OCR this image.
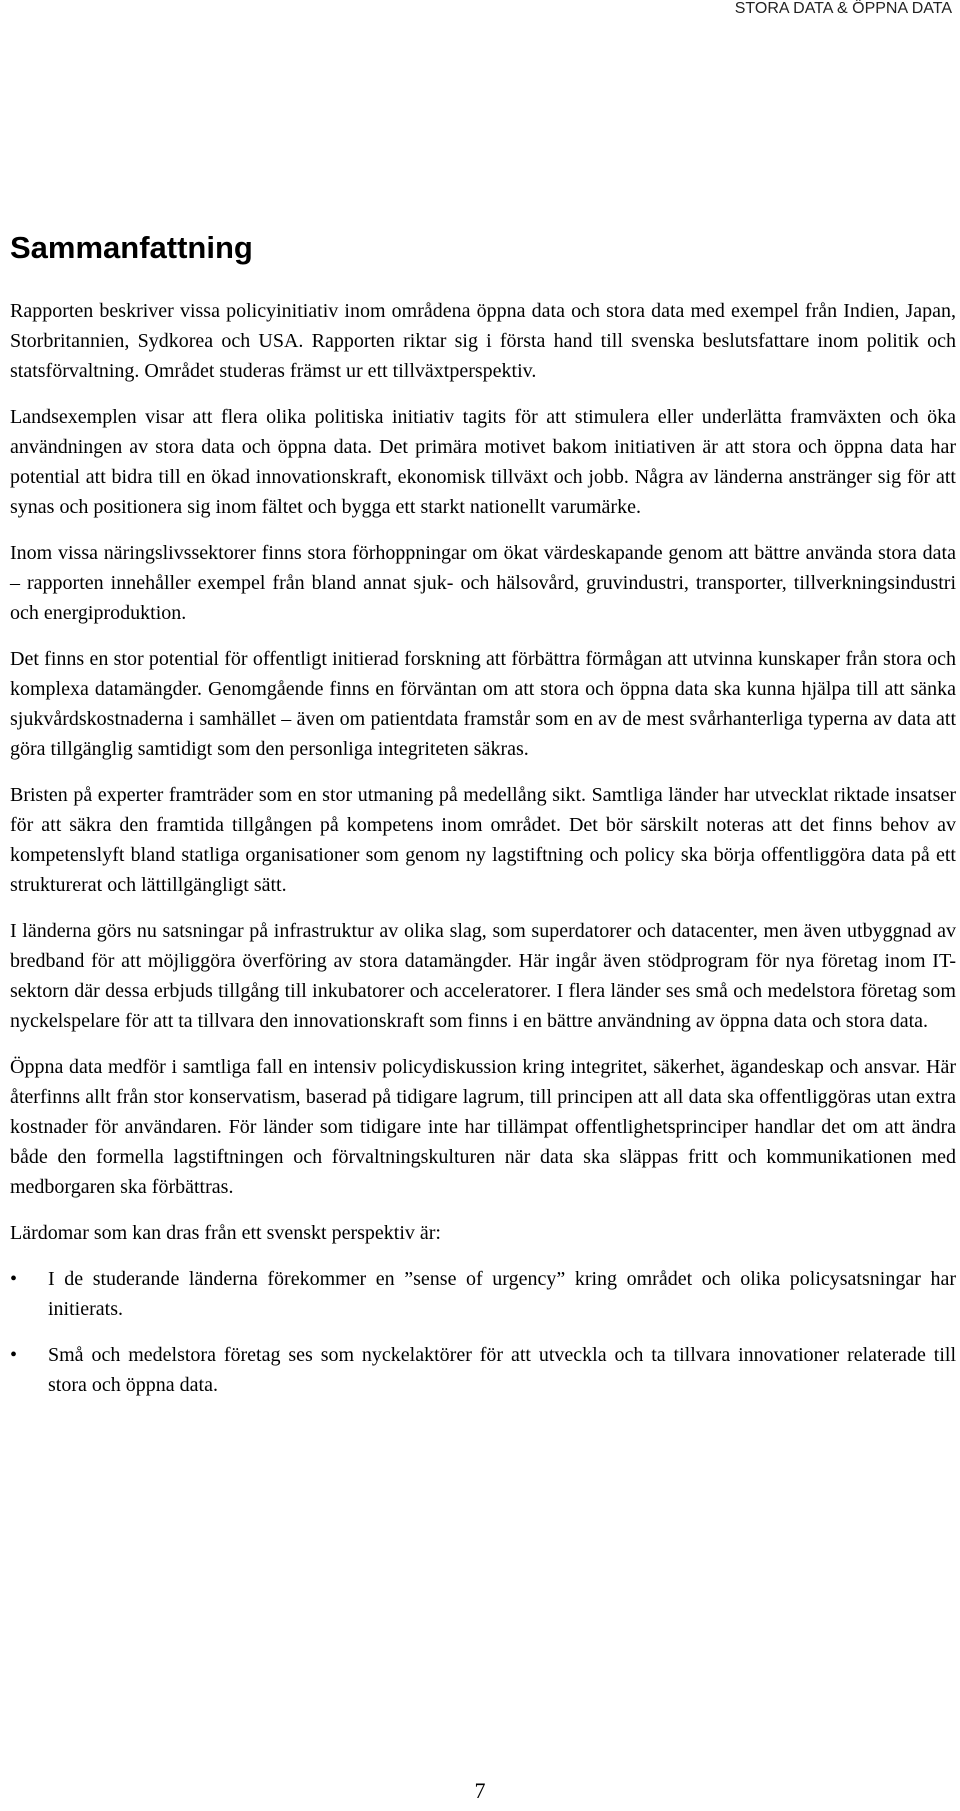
STORA DATA & ÖPPNA DATA
Sammanfattning

Rapporten beskriver vissa policyinitiativ inom områdena öppna data och stora data med exempel från Indien, Japan, Storbritannien, Sydkorea och USA. Rapporten riktar sig i första hand till svenska beslutsfattare inom politik och statsförvaltning. Området studeras främst ur ett tillväxtperspektiv.

Landsexemplen visar att flera olika politiska initiativ tagits för att stimulera eller underlätta framväxten och öka användningen av stora data och öppna data. Det primära motivet bakom initiativen är att stora och öppna data har potential att bidra till en ökad innovationskraft, ekonomisk tillväxt och jobb. Några av länderna anstränger sig för att synas och positionera sig inom fältet och bygga ett starkt nationellt varumärke.

Inom vissa näringslivssektorer finns stora förhoppningar om ökat värdeskapande genom att bättre använda stora data – rapporten innehåller exempel från bland annat sjuk- och hälsovård, gruvindustri, transporter, tillverkningsindustri och energiproduktion.

Det finns en stor potential för offentligt initierad forskning att förbättra förmågan att utvinna kunskaper från stora och komplexa datamängder. Genomgående finns en förväntan om att stora och öppna data ska kunna hjälpa till att sänka sjukvårdskostnaderna i samhället – även om patientdata framstår som en av de mest svårhanterliga typerna av data att göra tillgänglig samtidigt som den personliga integriteten säkras.

Bristen på experter framträder som en stor utmaning på medellång sikt. Samtliga länder har utvecklat riktade insatser för att säkra den framtida tillgången på kompetens inom området. Det bör särskilt noteras att det finns behov av kompetenslyft bland statliga organisationer som genom ny lagstiftning och policy ska börja offentliggöra data på ett strukturerat och lättillgängligt sätt.

I länderna görs nu satsningar på infrastruktur av olika slag, som superdatorer och datacenter, men även utbyggnad av bredband för att möjliggöra överföring av stora datamängder. Här ingår även stödprogram för nya företag inom IT-sektorn där dessa erbjuds tillgång till inkubatorer och acceleratorer. I flera länder ses små och medelstora företag som nyckelspelare för att ta tillvara den innovationskraft som finns i en bättre användning av öppna data och stora data.

Öppna data medför i samtliga fall en intensiv policydiskussion kring integritet, säkerhet, ägandeskap och ansvar. Här återfinns allt från stor konservatism, baserad på tidigare lagrum, till principen att all data ska offentliggöras utan extra kostnader för användaren. För länder som tidigare inte har tillämpat offentlighetsprinciper handlar det om att ändra både den formella lagstiftningen och förvaltningskulturen när data ska släppas fritt och kommunikationen med medborgaren ska förbättras.

Lärdomar som kan dras från ett svenskt perspektiv är:

• I de studerande länderna förekommer en ”sense of urgency” kring området och olika policysatsningar har initierats.
• Små och medelstora företag ses som nyckelaktörer för att utveckla och ta tillvara innovationer relaterade till stora och öppna data.
7
